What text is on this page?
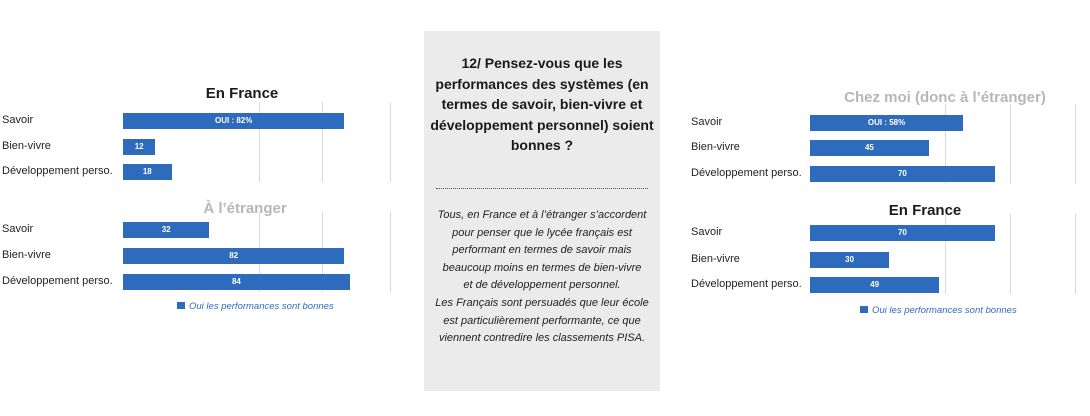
En France
Savoir	OUI : 82%
Bien-vivre	12
Développement perso.	18
À l’étranger
Savoir	32
Bien-vivre	82
Développement perso.	84
Oui les performances sont bonnes
12/ Pensez-vous que les performances des systèmes (en termes de savoir, bien-vivre et développement personnel) soient bonnes ?
Tous, en France et à l’étranger s’accordent
pour penser que le lycée français est
performant en termes de savoir mais
beaucoup moins en termes de bien-vivre
et de développement personnel.
Les Français sont persuadés que leur école
est particulièrement performante, ce que
viennent contredire les classements PISA.
Chez moi (donc à l’étranger)
Savoir	OUI : 58%
Bien-vivre	45
Développement perso.	70
En France
Savoir	70
Bien-vivre	30
Développement perso.	49
Oui les performances sont bonnes
